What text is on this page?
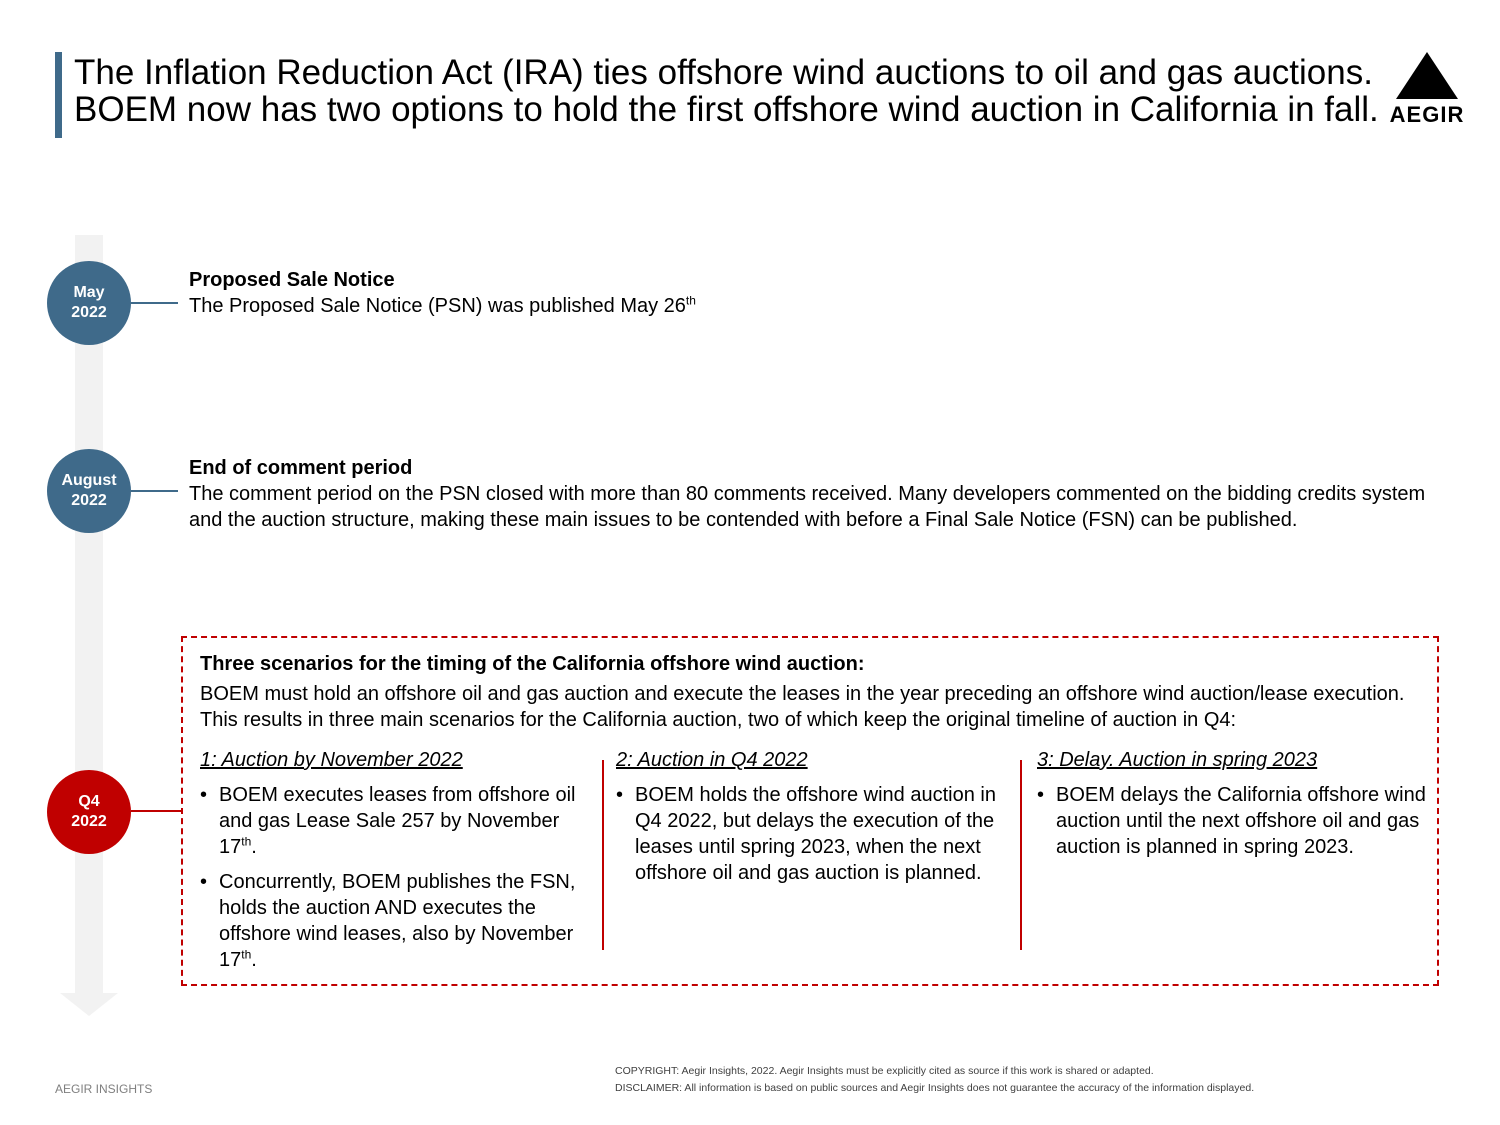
The Inflation Reduction Act (IRA) ties offshore wind auctions to oil and gas auctions.
BOEM now has two options to hold the first offshore wind auction in California in fall. AEGIR
May
2022
Proposed Sale Notice
The Proposed Sale Notice (PSN) was published May 26th
August
2022
End of comment period
The comment period on the PSN closed with more than 80 comments received. Many developers commented on the bidding credits system and the auction structure, making these main issues to be contended with before a Final Sale Notice (FSN) can be published.
Q4
2022
Three scenarios for the timing of the California offshore wind auction:
BOEM must hold an offshore oil and gas auction and execute the leases in the year preceding an offshore wind auction/lease execution. This results in three main scenarios for the California auction, two of which keep the original timeline of auction in Q4:
1: Auction by November 2022
• BOEM executes leases from offshore oil and gas Lease Sale 257 by November 17th.
• Concurrently, BOEM publishes the FSN, holds the auction AND executes the offshore wind leases, also by November 17th.
2: Auction in Q4 2022
• BOEM holds the offshore wind auction in Q4 2022, but delays the execution of the leases until spring 2023, when the next offshore oil and gas auction is planned.
3: Delay. Auction in spring 2023
• BOEM delays the California offshore wind auction until the next offshore oil and gas auction is planned in spring 2023.
AEGIR INSIGHTS
COPYRIGHT: Aegir Insights, 2022. Aegir Insights must be explicitly cited as source if this work is shared or adapted.
DISCLAIMER: All information is based on public sources and Aegir Insights does not guarantee the accuracy of the information displayed.
